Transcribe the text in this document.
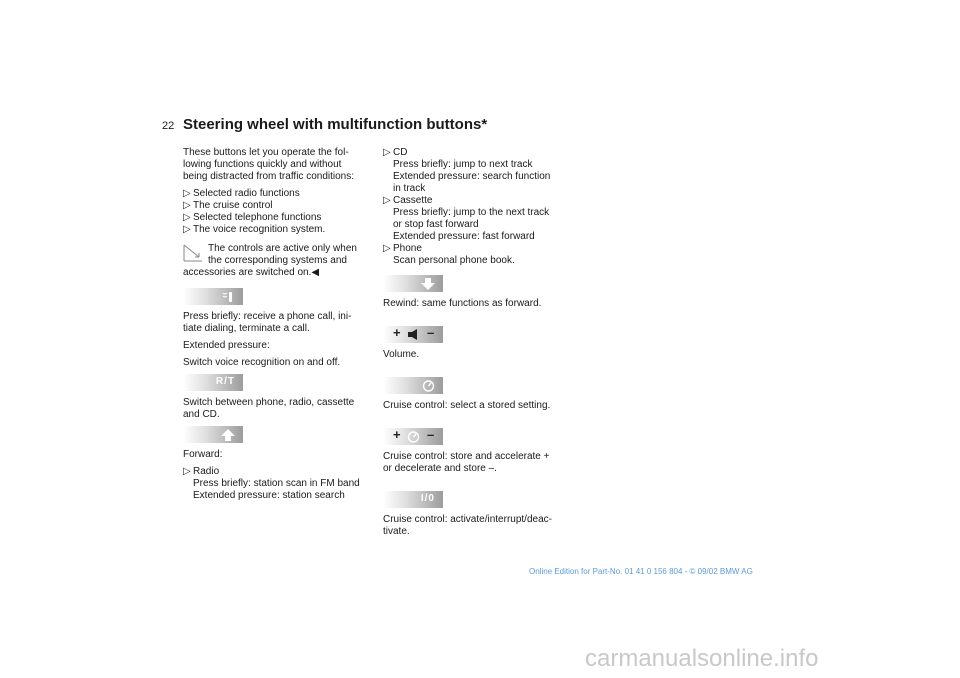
22 Steering wheel with multifunction buttons*

These buttons let you operate the fol-
lowing functions quickly and without
being distracted from traffic conditions:

▷ Selected radio functions
▷ The cruise control
▷ Selected telephone functions
▷ The voice recognition system.
The controls are active only when
the corresponding systems and

accessories are switched on.◀

Press briefly: receive a phone call, ini-
tiate dialing, terminate a call.

Extended pressure:

Switch voice recognition on and off.

R/T

Switch between phone, radio, cassette
and CD.

Forward:

▷ Radio
Press briefly: station scan in FM band
Extended pressure: station search
▷ CD
Press briefly: jump to next track
Extended pressure: search function
in track
▷ Cassette
Press briefly: jump to the next track
or stop fast forward
Extended pressure: fast forward
▷ Phone
Scan personal phone book.

Rewind: same functions as forward.

+ –

Volume.

Cruise control: select a stored setting.

+ –

Cruise control: store and accelerate +
or decelerate and store –.

I/0

Cruise control: activate/interrupt/deac-
tivate.

Online Edition for Part-No. 01 41 0 156 804 - © 09/02 BMW AG
carmanualsonline.info
